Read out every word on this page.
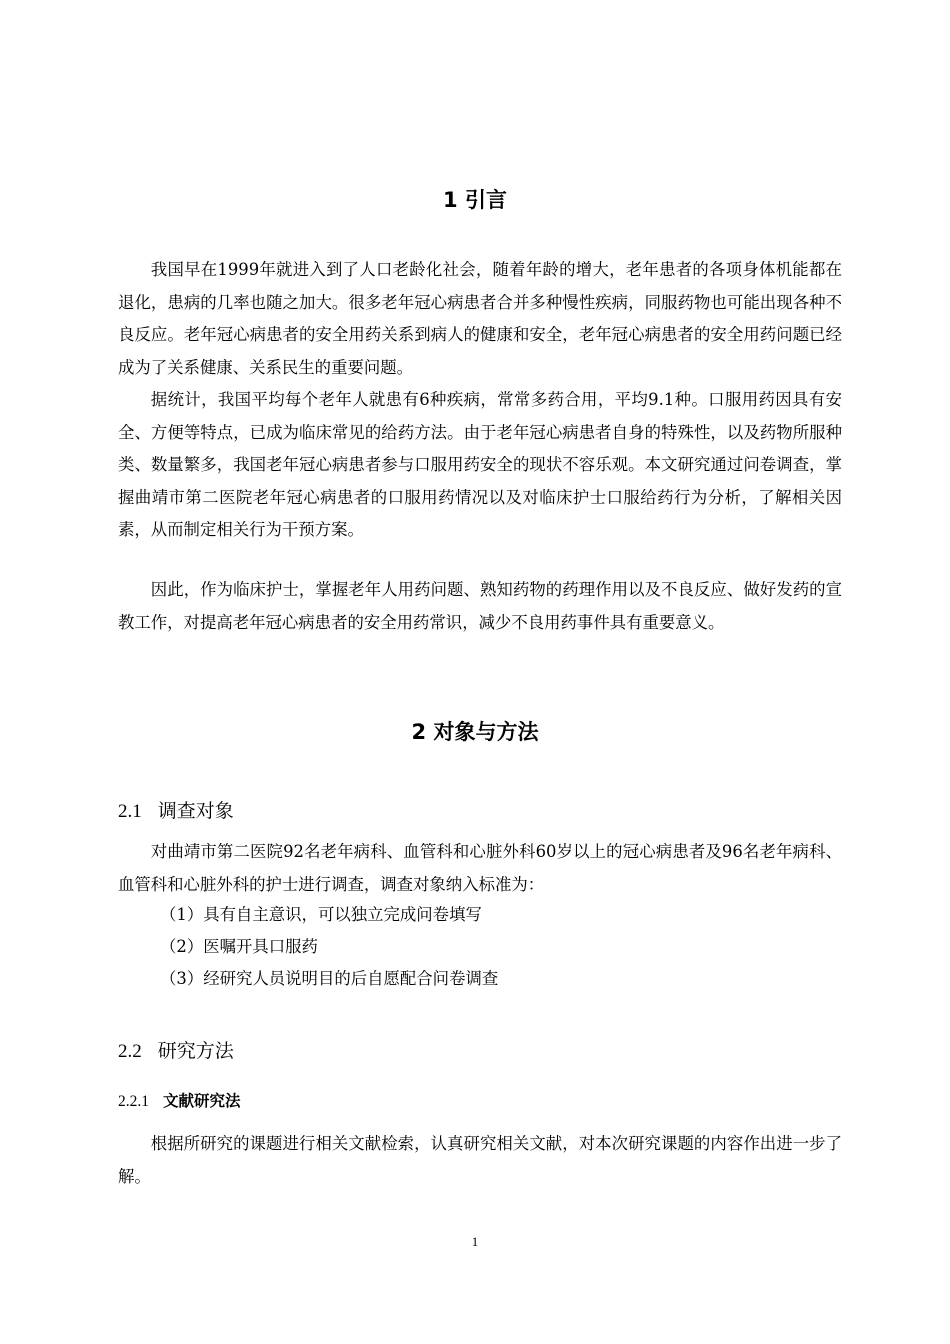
1 引言

我国早在1999年就进入到了人口老龄化社会，随着年龄的增大，老年患者的各项身体机能都在退化，患病的几率也随之加大。很多老年冠心病患者合并多种慢性疾病，同服药物也可能出现各种不良反应。老年冠心病患者的安全用药关系到病人的健康和安全，老年冠心病患者的安全用药问题已经成为了关系健康、关系民生的重要问题。

据统计，我国平均每个老年人就患有6种疾病，常常多药合用，平均9.1种。口服用药因具有安全、方便等特点，已成为临床常见的给药方法。由于老年冠心病患者自身的特殊性，以及药物所服种类、数量繁多，我国老年冠心病患者参与口服用药安全的现状不容乐观。本文研究通过问卷调查，掌握曲靖市第二医院老年冠心病患者的口服用药情况以及对临床护士口服给药行为分析，了解相关因素，从而制定相关行为干预方案。

因此，作为临床护士，掌握老年人用药问题、熟知药物的药理作用以及不良反应、做好发药的宣教工作，对提高老年冠心病患者的安全用药常识，减少不良用药事件具有重要意义。

2 对象与方法
2.1 调查对象

对曲靖市第二医院92名老年病科、血管科和心脏外科60岁以上的冠心病患者及96名老年病科、血管科和心脏外科的护士进行调查，调查对象纳入标准为：

（1）具有自主意识，可以独立完成问卷填写

（2）医嘱开具口服药

（3）经研究人员说明目的后自愿配合问卷调查

2.2 研究方法
2.2.1 文献研究法

根据所研究的课题进行相关文献检索，认真研究相关文献，对本次研究课题的内容作出进一步了解。

1
